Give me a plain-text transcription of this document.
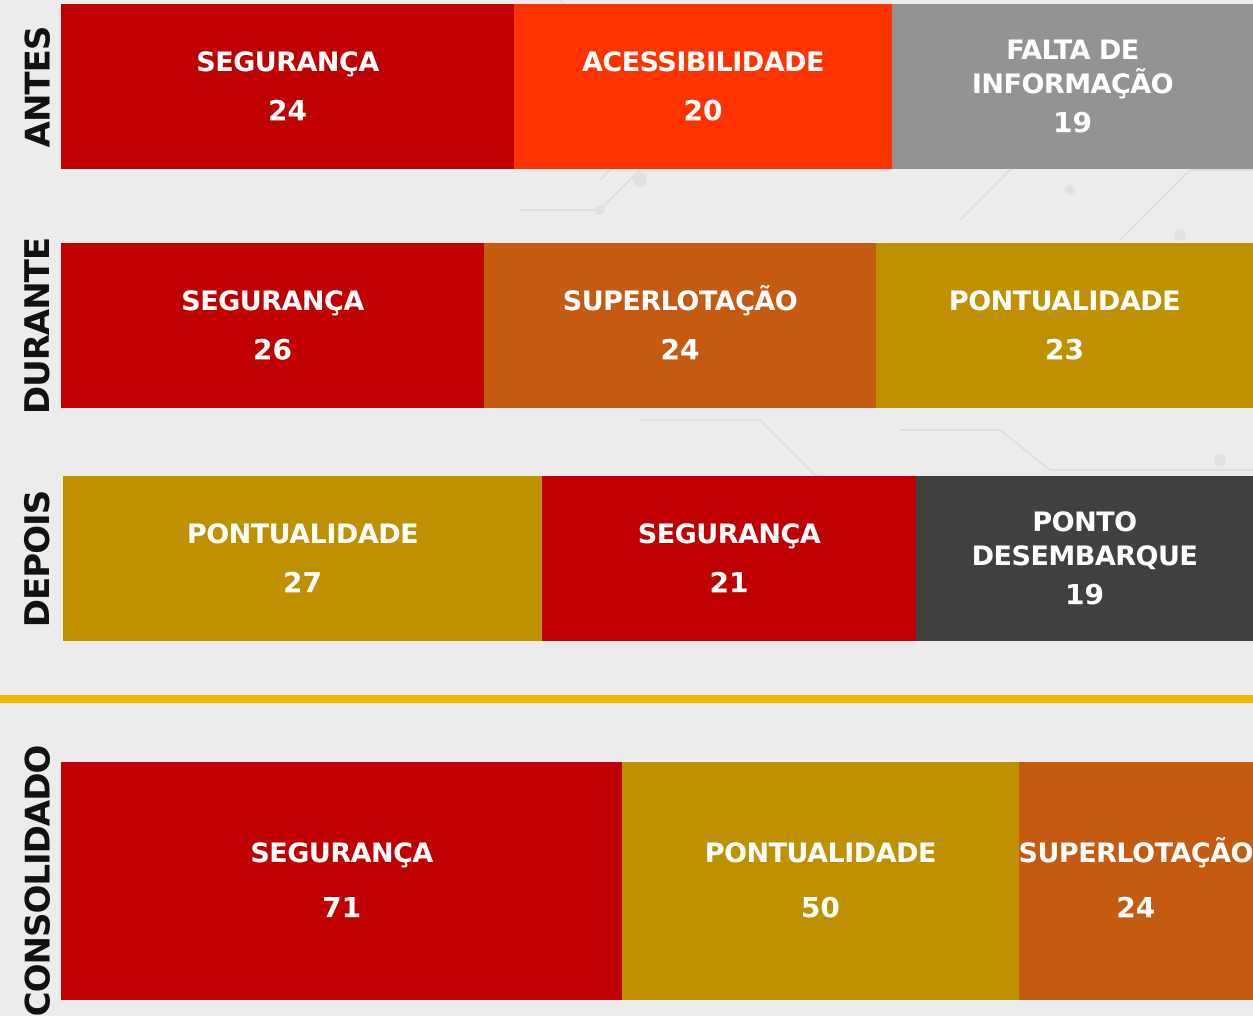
ANTES	SEGURANÇA
24
ACESSIBILIDADE
20
FALTA DE
INFORMAÇÃO
19
DURANTE	SEGURANÇA
26
SUPERLOTAÇÃO
24
PONTUALIDADE
23
DEPOIS	PONTUALIDADE
27
SEGURANÇA
21
PONTO
DESEMBARQUE
19
CONSOLIDADO	SEGURANÇA
71
PONTUALIDADE
50
SUPERLOTAÇÃO
24
